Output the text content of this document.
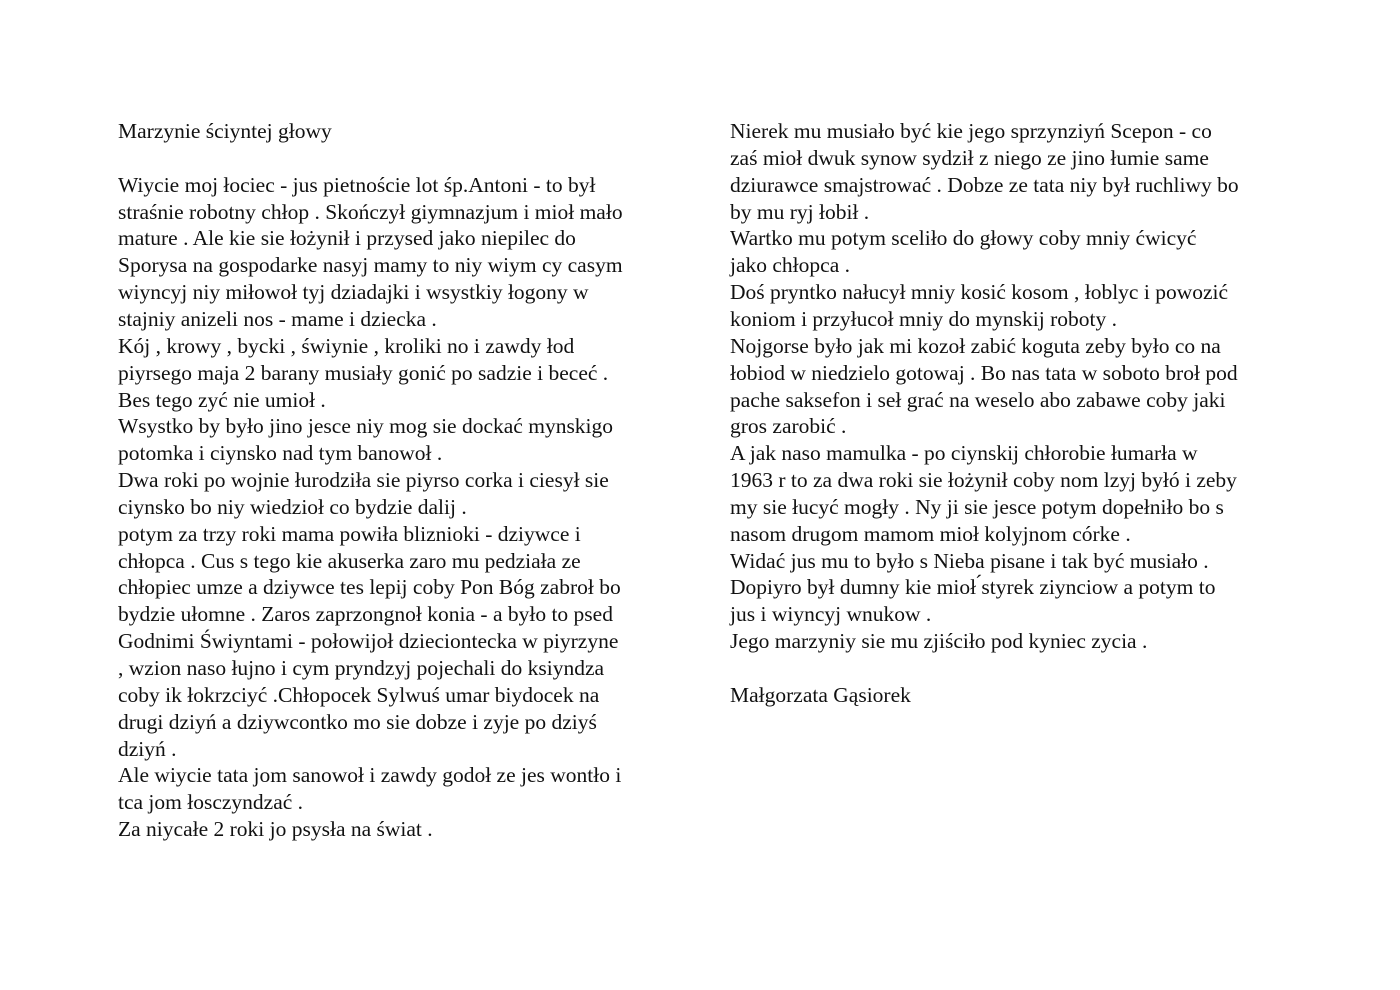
Marzynie ściyntej głowy
Wiycie moj łociec - jus pietnoście lot śp.Antoni - to był
straśnie robotny chłop . Skończył giymnazjum i mioł mało
mature . Ale kie sie łożynił i przysed jako niepilec do
Sporysa na gospodarke nasyj mamy to niy wiym cy casym
wiyncyj niy miłowoł tyj dziadajki i wsystkiy łogony w
stajniy anizeli nos - mame i dziecka .
Kój , krowy , bycki , świynie , kroliki no i zawdy łod
piyrsego maja 2 barany musiały gonić po sadzie i beceć .
Bes tego zyć nie umioł .
Wsystko by było jino jesce niy mog sie dockać mynskigo
potomka i ciynsko nad tym banowoł .
Dwa roki po wojnie łurodziła sie piyrso corka i ciesył sie
ciynsko bo niy wiedzioł co bydzie dalij .
potym za trzy roki mama powiła bliznioki - dziywce i
chłopca . Cus s tego kie akuserka zaro mu pedziała ze
chłopiec umze a dziywce tes lepij coby Pon Bóg zabroł bo
bydzie ułomne . Zaros zaprzongnoł konia - a było to psed
Godnimi Świyntami - połowijoł dzieciontecka w piyrzyne
, wzion naso łujno i cym pryndzyj pojechali do ksiyndza
coby ik łokrzciyć .Chłopocek Sylwuś umar biydocek na
drugi dziyń a dziywcontko mo sie dobze i zyje po dziyś
dziyń .
Ale wiycie tata jom sanowoł i zawdy godoł ze jes wontło i
tca jom łosczyndzać .
Za niycałe 2 roki jo psysła na świat .
Nierek mu musiało być kie jego sprzynziyń Scepon - co
zaś mioł dwuk synow sydził z niego ze jino łumie same
dziurawce smajstrować . Dobze ze tata niy był ruchliwy bo
by mu ryj łobił .
Wartko mu potym sceliło do głowy coby mniy ćwicyć
jako chłopca .
Doś pryntko nałucył mniy kosić kosom , łoblyc i powozić
koniom i przyłucoł mniy do mynskij roboty .
Nojgorse było jak mi kozoł zabić koguta zeby było co na
łobiod w niedzielo gotowaj . Bo nas tata w soboto broł pod
pache saksefon i seł grać na weselo abo zabawe coby jaki
gros zarobić .
A jak naso mamulka - po ciynskij chłorobie łumarła w
1963 r to za dwa roki sie łożynił coby nom lzyj byłó i zeby
my sie łucyć mogły . Ny ji sie jesce potym dopełniło bo s
nasom drugom mamom mioł kolyjnom córke .
Widać jus mu to było s Nieba pisane i tak być musiało .
Dopiyro był dumny kie mioł ́styrek ziynciow a potym to
jus i wiyncyj wnukow .
Jego marzyniy sie mu zjiściło pod kyniec zycia .
Małgorzata Gąsiorek
